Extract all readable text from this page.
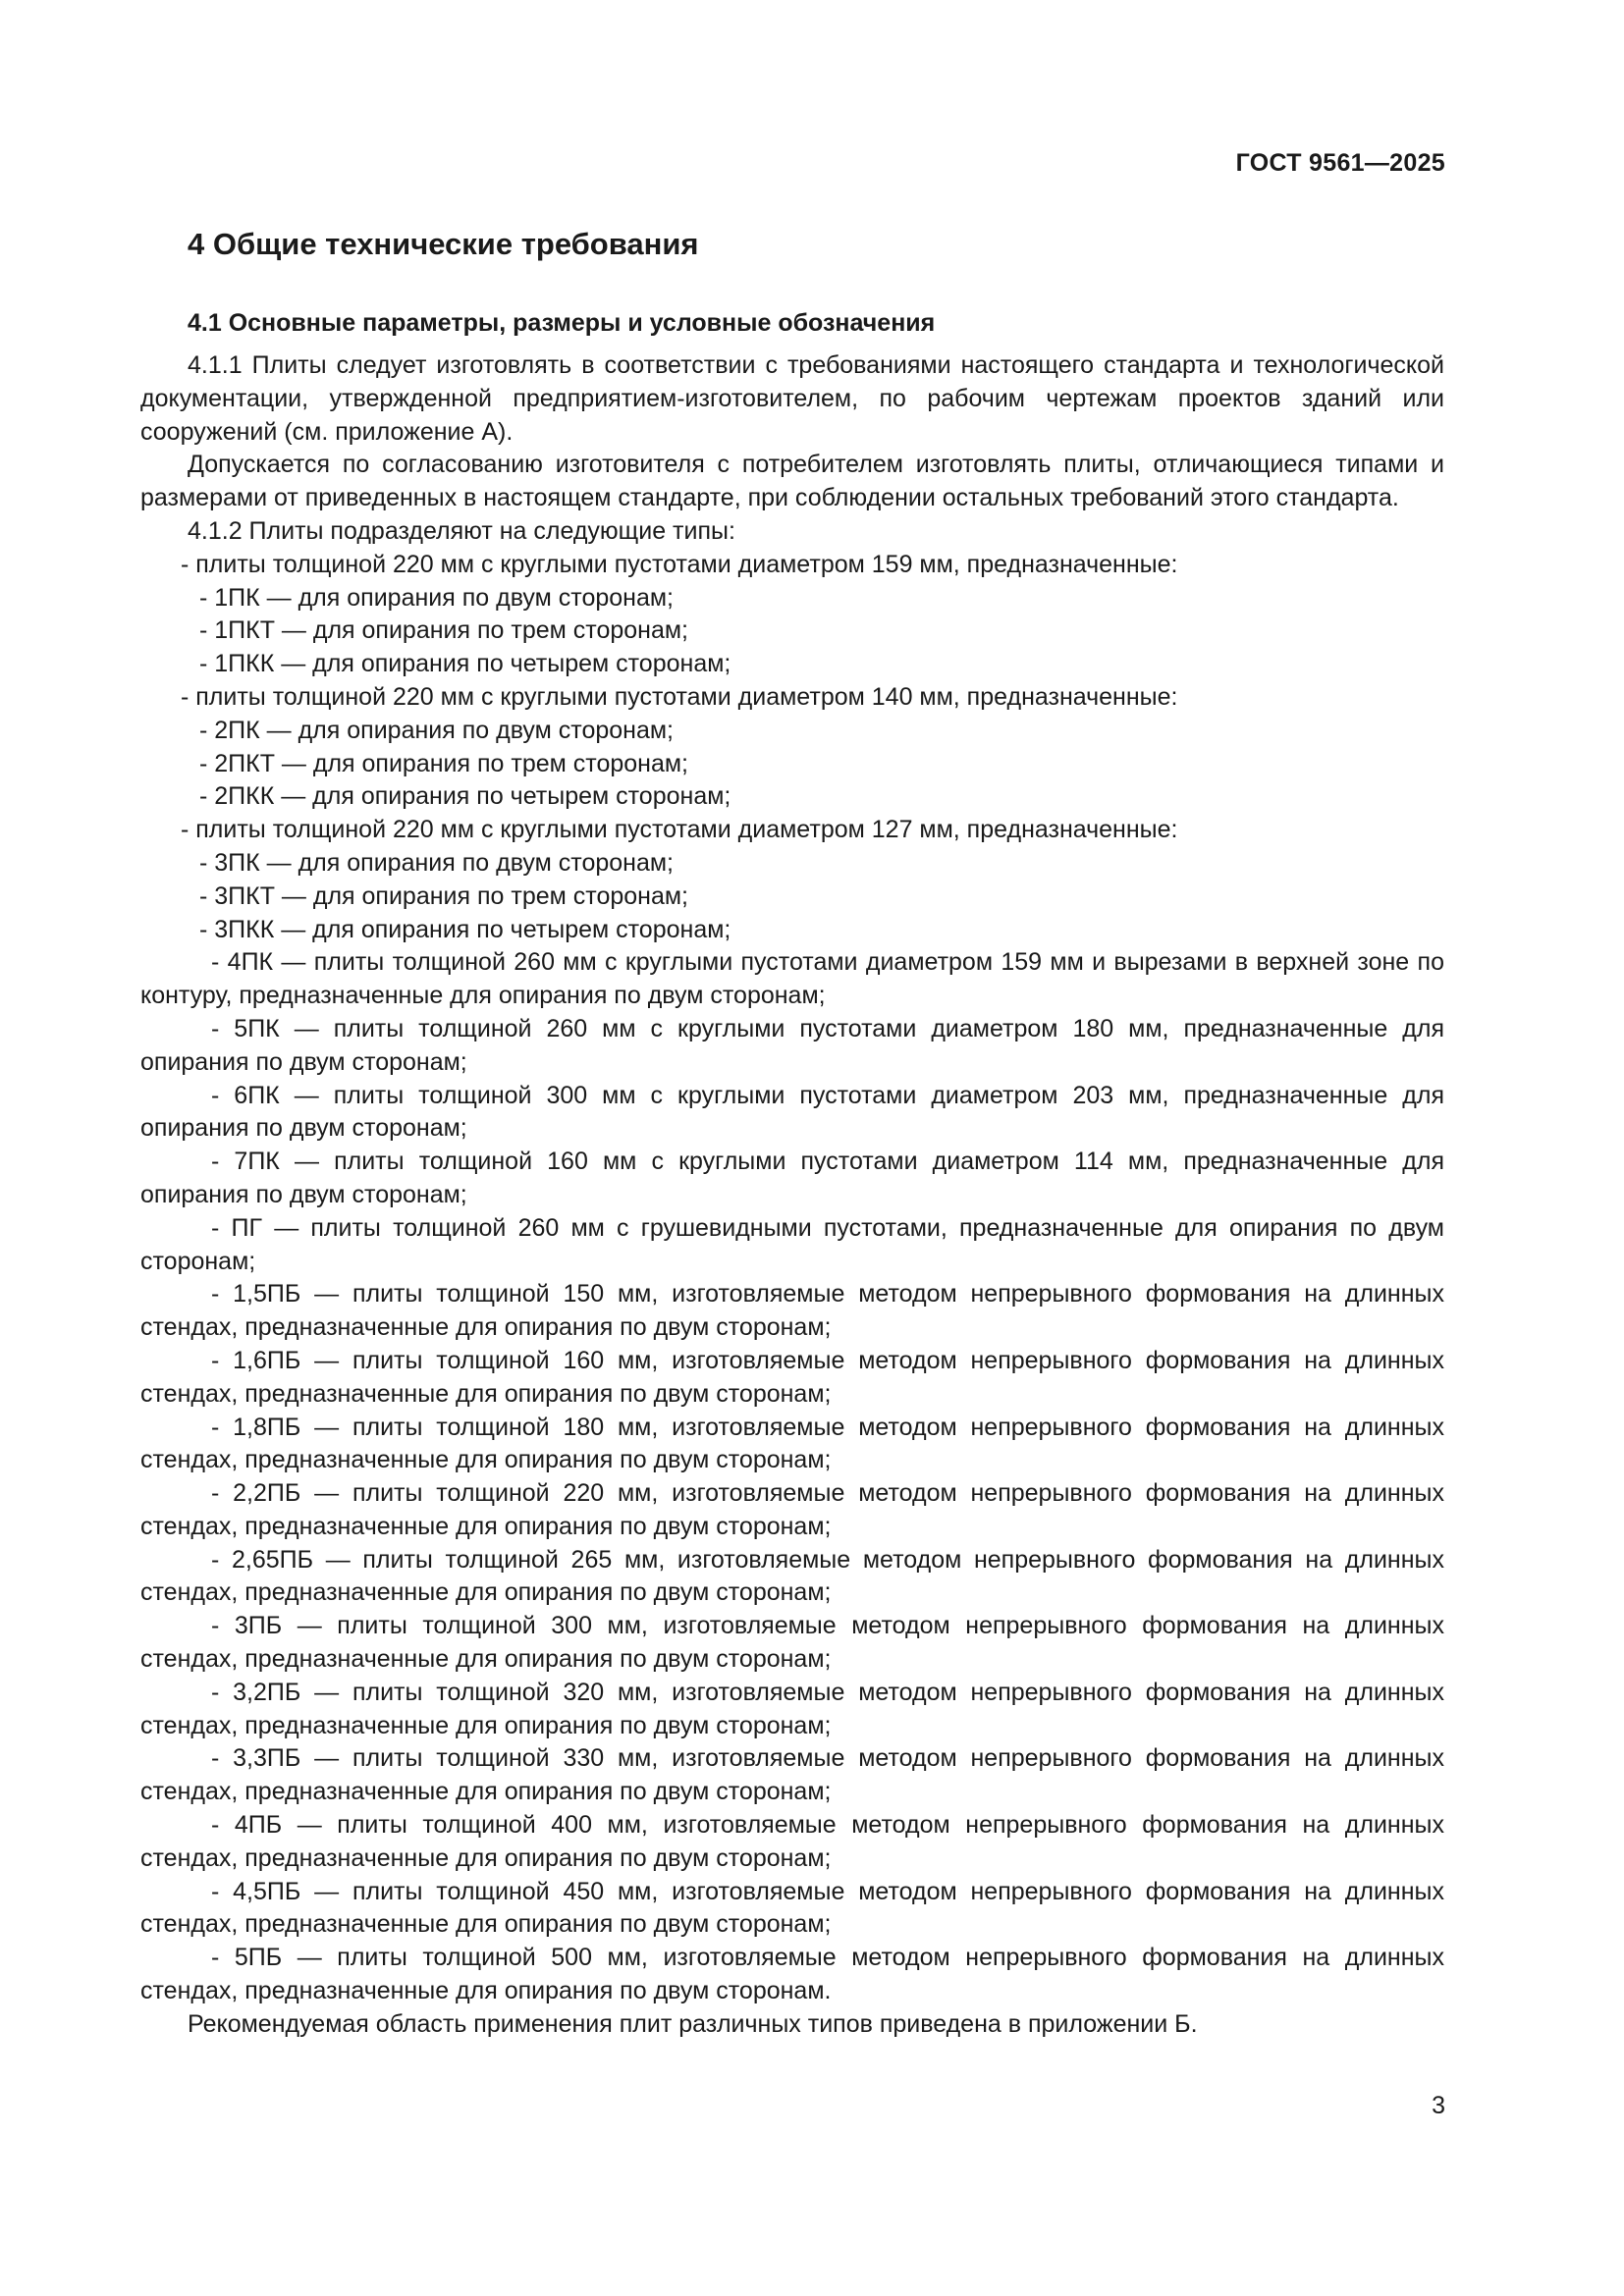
ГОСТ 9561—2025
4 Общие технические требования
4.1 Основные параметры, размеры и условные обозначения

4.1.1 Плиты следует изготовлять в соответствии с требованиями настоящего стандарта и технологической документации, утвержденной предприятием-изготовителем, по рабочим чертежам проектов зданий или сооружений (см. приложение А).

Допускается по согласованию изготовителя с потребителем изготовлять плиты, отличающиеся типами и размерами от приведенных в настоящем стандарте, при соблюдении остальных требований этого стандарта.

4.1.2 Плиты подразделяют на следующие типы:

- плиты толщиной 220 мм с круглыми пустотами диаметром 159 мм, предназначенные:

- 1ПК — для опирания по двум сторонам;

- 1ПКТ — для опирания по трем сторонам;

- 1ПКК — для опирания по четырем сторонам;

- плиты толщиной 220 мм с круглыми пустотами диаметром 140 мм, предназначенные:

- 2ПК — для опирания по двум сторонам;

- 2ПКТ — для опирания по трем сторонам;

- 2ПКК — для опирания по четырем сторонам;

- плиты толщиной 220 мм с круглыми пустотами диаметром 127 мм, предназначенные:

- 3ПК — для опирания по двум сторонам;

- 3ПКТ — для опирания по трем сторонам;

- 3ПКК — для опирания по четырем сторонам;

- 4ПК — плиты толщиной 260 мм с круглыми пустотами диаметром 159 мм и вырезами в верхней зоне по контуру, предназначенные для опирания по двум сторонам;

- 5ПК — плиты толщиной 260 мм с круглыми пустотами диаметром 180 мм, предназначенные для опирания по двум сторонам;

- 6ПК — плиты толщиной 300 мм с круглыми пустотами диаметром 203 мм, предназначенные для опирания по двум сторонам;

- 7ПК — плиты толщиной 160 мм с круглыми пустотами диаметром 114 мм, предназначенные для опирания по двум сторонам;

- ПГ — плиты толщиной 260 мм с грушевидными пустотами, предназначенные для опирания по двум сторонам;

- 1,5ПБ — плиты толщиной 150 мм, изготовляемые методом непрерывного формования на длинных стендах, предназначенные для опирания по двум сторонам;

- 1,6ПБ — плиты толщиной 160 мм, изготовляемые методом непрерывного формования на длинных стендах, предназначенные для опирания по двум сторонам;

- 1,8ПБ — плиты толщиной 180 мм, изготовляемые методом непрерывного формования на длинных стендах, предназначенные для опирания по двум сторонам;

- 2,2ПБ — плиты толщиной 220 мм, изготовляемые методом непрерывного формования на длинных стендах, предназначенные для опирания по двум сторонам;

- 2,65ПБ — плиты толщиной 265 мм, изготовляемые методом непрерывного формования на длинных стендах, предназначенные для опирания по двум сторонам;

- 3ПБ — плиты толщиной 300 мм, изготовляемые методом непрерывного формования на длинных стендах, предназначенные для опирания по двум сторонам;

- 3,2ПБ — плиты толщиной 320 мм, изготовляемые методом непрерывного формования на длинных стендах, предназначенные для опирания по двум сторонам;

- 3,3ПБ — плиты толщиной 330 мм, изготовляемые методом непрерывного формования на длинных стендах, предназначенные для опирания по двум сторонам;

- 4ПБ — плиты толщиной 400 мм, изготовляемые методом непрерывного формования на длинных стендах, предназначенные для опирания по двум сторонам;

- 4,5ПБ — плиты толщиной 450 мм, изготовляемые методом непрерывного формования на длинных стендах, предназначенные для опирания по двум сторонам;

- 5ПБ — плиты толщиной 500 мм, изготовляемые методом непрерывного формования на длинных стендах, предназначенные для опирания по двум сторонам.

Рекомендуемая область применения плит различных типов приведена в приложении Б.

3
